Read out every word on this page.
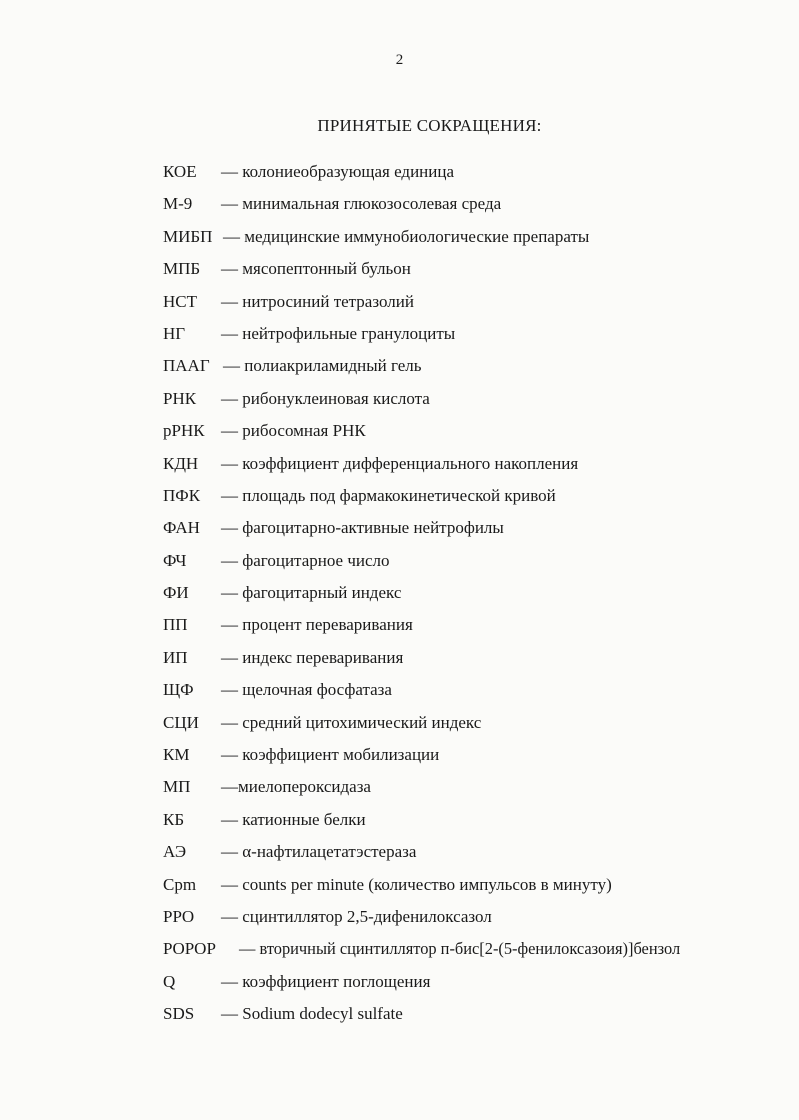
2
ПРИНЯТЫЕ СОКРАЩЕНИЯ:
КОЕ — колониеобразующая единица
М-9 — минимальная глюкозосолевая среда
МИБП — медицинские иммунобиологические препараты
МПБ — мясопептонный бульон
НСТ — нитросиний тетразолий
НГ — нейтрофильные гранулоциты
ПААГ — полиакриламидный гель
РНК — рибонуклеиновая кислота
рРНК — рибосомная РНК
КДН — коэффициент дифференциального накопления
ПФК — площадь под фармакокинетической кривой
ФАН — фагоцитарно-активные нейтрофилы
ФЧ — фагоцитарное число
ФИ — фагоцитарный индекс
ПП — процент переваривания
ИП — индекс переваривания
ЩФ — щелочная фосфатаза
СЦИ — средний цитохимический индекс
КМ — коэффициент мобилизации
МП —миелопероксидаза
КБ — катионные белки
АЭ — α-нафтилацетатэстераза
Cpm — counts per minute (количество импульсов в минуту)
PPO — сцинтиллятор 2,5-дифенилоксазол
POPOP — вторичный сцинтиллятор п-бис[2-(5-фенилоксазоия)]бензол
Q	— коэффициент поглощения
SDS — Sodium dodecyl sulfate
